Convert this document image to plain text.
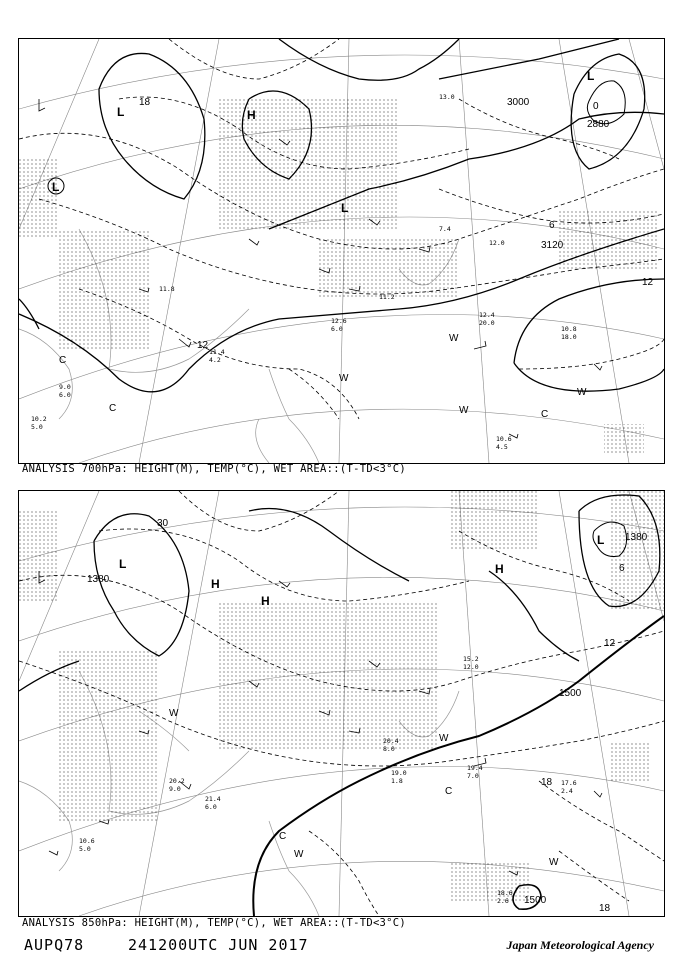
3000
3120
2880
12
6
0
18
12
L
L
L
H
L
C
C
C
W
W
W
W
11.8
13.0
12.0
7.4
20.0
12.4
10.8
18.0
11.4
4.2
10.6
4.5
11.2
12.6
6.0
10.2
5.0
9.0
6.0
ANALYSIS 700hPa: HEIGHT(M), TEMP(°C), WET AREA::(T-TD<3°C)
1500
1380
1380
1500
30
12
18
18
6
L
L
H
H
H
C
C
W
W
W
W
19.4
7.0
17.6
2.4
18.6
2.6
21.4
6.0
20.2
9.0
19.0
1.8
20.4
8.0
15.2
12.0
10.6
5.0
ANALYSIS 850hPa: HEIGHT(M), TEMP(°C), WET AREA::(T-TD<3°C)
AUPQ78	241200UTC JUN 2017	Japan Meteorological Agency
